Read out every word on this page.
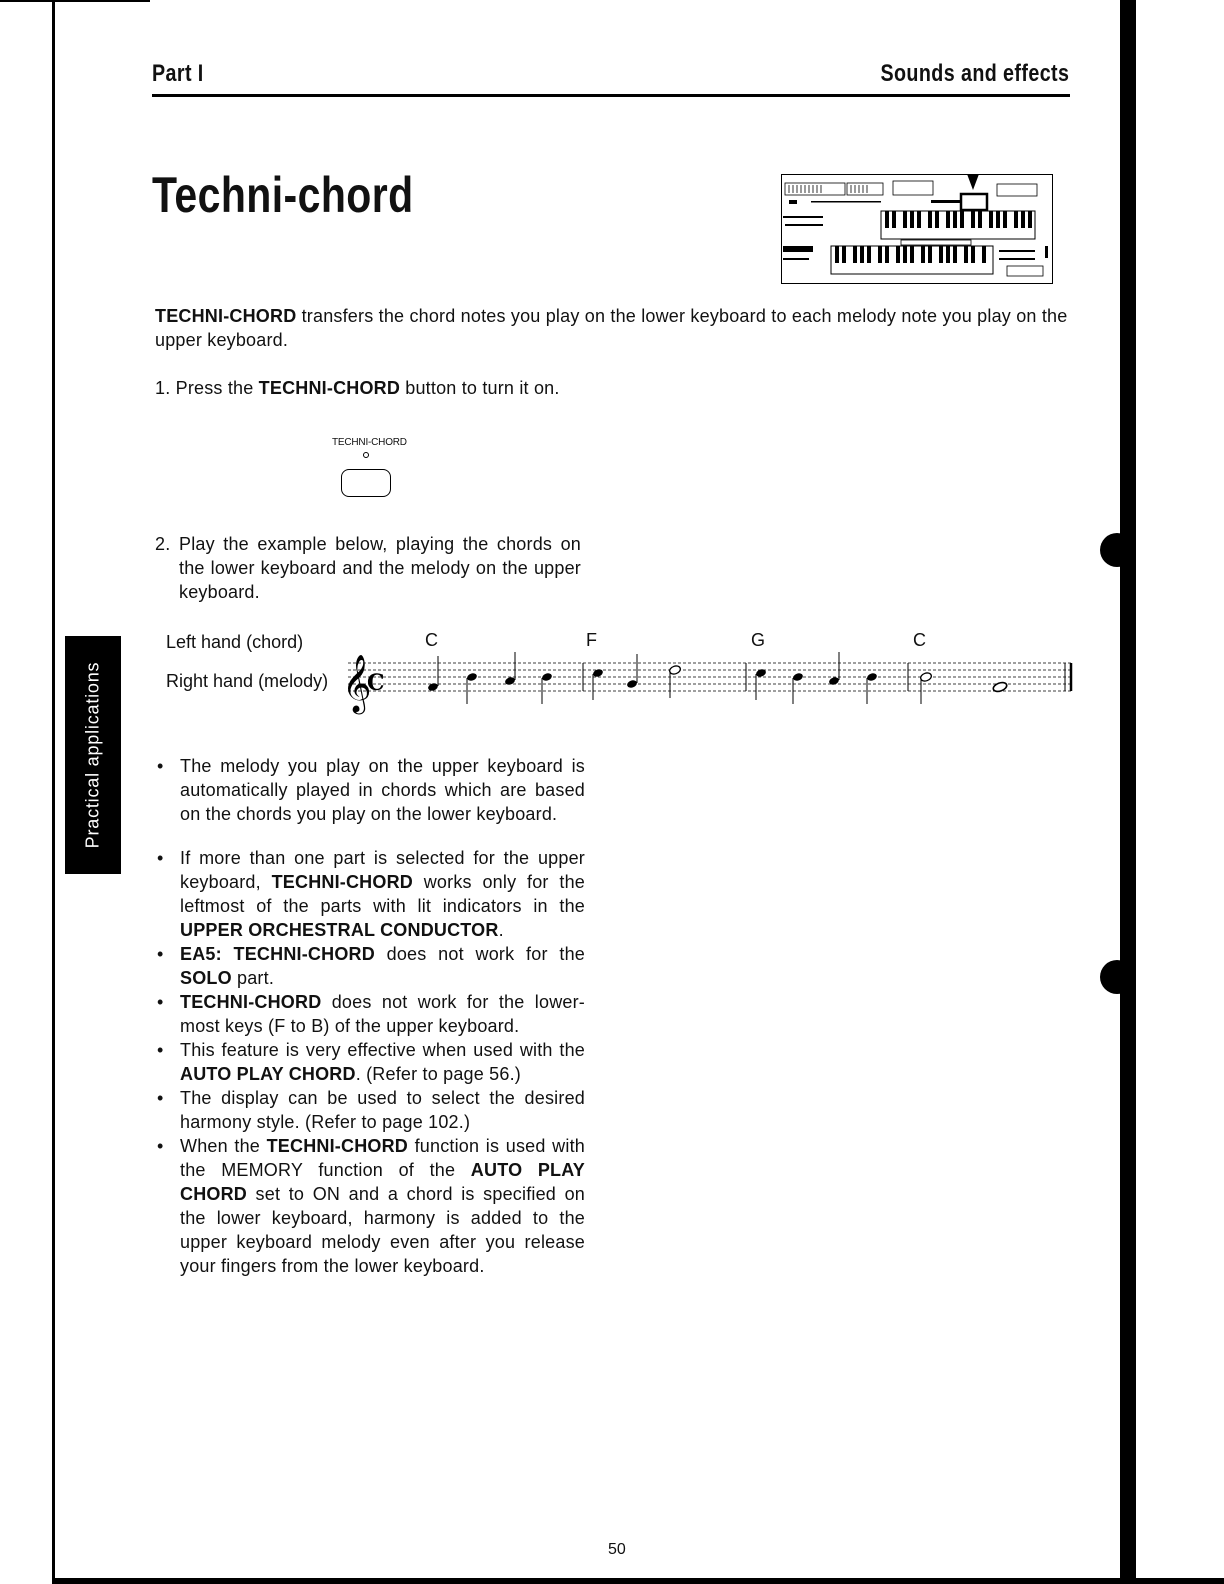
Part I	Sounds and effects
Techni-chord
TECHNI-CHORD transfers the chord notes you play on the lower keyboard to each melody note you play on the upper keyboard.
1. Press the TECHNI-CHORD button to turn it on.
TECHNI-CHORD
2. Play the example below, playing the chords on the lower keyboard and the melody on the upper keyboard.
Practical applications
Left hand (chord)
Right hand (melody)
C	F	G	C
𝄞
C
• The melody you play on the upper keyboard is automatically played in chords which are based on the chords you play on the lower keyboard.
• If more than one part is selected for the upper keyboard, TECHNI-CHORD works only for the leftmost of the parts with lit indicators in the UPPER ORCHESTRAL CONDUCTOR.
• EA5: TECHNI-CHORD does not work for the SOLO part.
• TECHNI-CHORD does not work for the lower-most keys (F to B) of the upper keyboard.
• This feature is very effective when used with the AUTO PLAY CHORD. (Refer to page 56.)
• The display can be used to select the desired harmony style. (Refer to page 102.)
• When the TECHNI-CHORD function is used with the MEMORY function of the AUTO PLAY CHORD set to ON and a chord is specified on the lower keyboard, harmony is added to the upper keyboard melody even after you release your fingers from the lower keyboard.
50
